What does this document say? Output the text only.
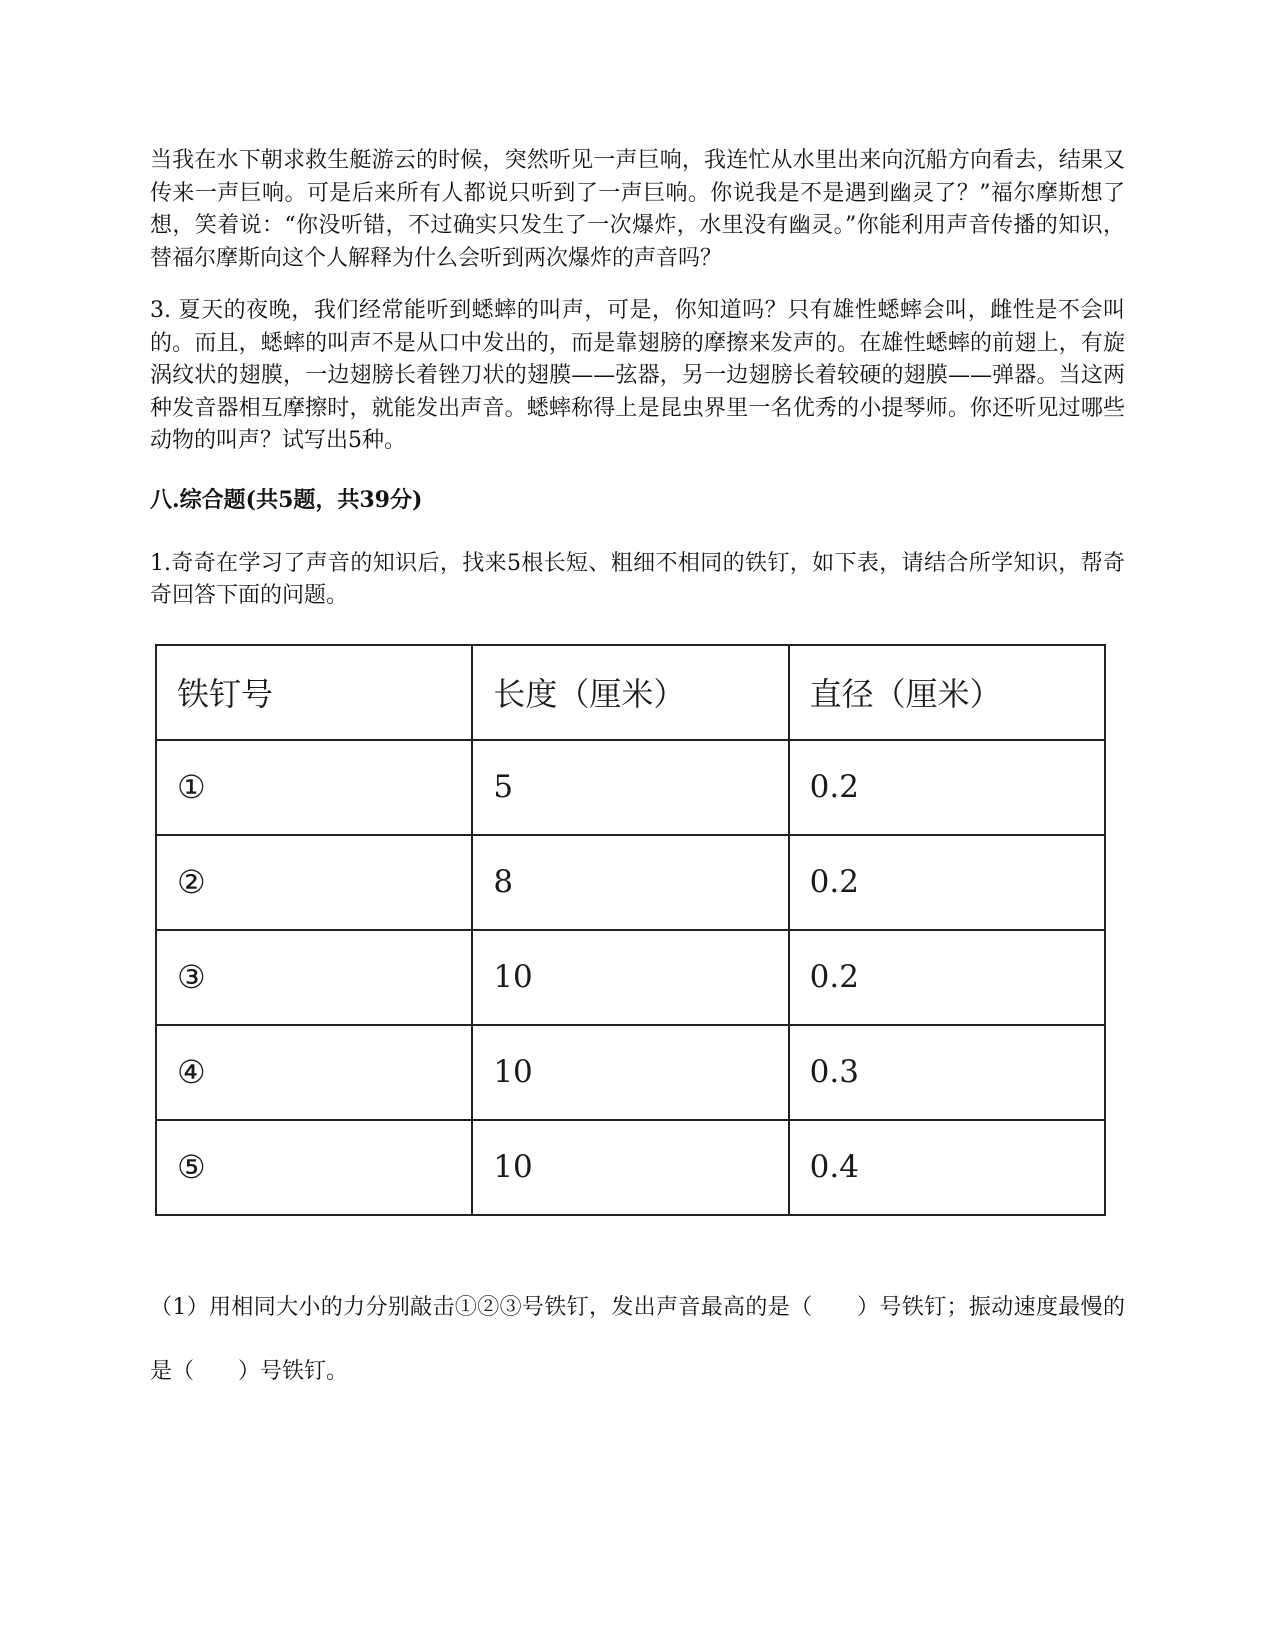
当我在水下朝求救生艇游云的时候，突然听见一声巨响，我连忙从水里出来向沉船方向看去，结果又传来一声巨响。可是后来所有人都说只听到了一声巨响。你说我是不是遇到幽灵了？”福尔摩斯想了想，笑着说：“你没听错，不过确实只发生了一次爆炸，水里没有幽灵。”你能利用声音传播的知识，替福尔摩斯向这个人解释为什么会听到两次爆炸的声音吗？

3. 夏天的夜晚，我们经常能听到蟋蟀的叫声，可是，你知道吗？只有雄性蟋蟀会叫，雌性是不会叫的。而且，蟋蟀的叫声不是从口中发出的，而是靠翅膀的摩擦来发声的。在雄性蟋蟀的前翅上，有旋涡纹状的翅膜，一边翅膀长着锉刀状的翅膜——弦器，另一边翅膀长着较硬的翅膜——弹器。当这两种发音器相互摩擦时，就能发出声音。蟋蟀称得上是昆虫界里一名优秀的小提琴师。你还听见过哪些动物的叫声？试写出5种。

八.综合题(共5题，共39分)

1.奇奇在学习了声音的知识后，找来5根长短、粗细不相同的铁钉，如下表，请结合所学知识，帮奇奇回答下面的问题。

铁钉号	长度（厘米）	直径（厘米）
①	5	0.2
②	8	0.2
③	10	0.2
④	10	0.3
⑤	10	0.4

（1）用相同大小的力分别敲击①②③号铁钉，发出声音最高的是（　　）号铁钉；振动速度最慢的是（　　）号铁钉。
